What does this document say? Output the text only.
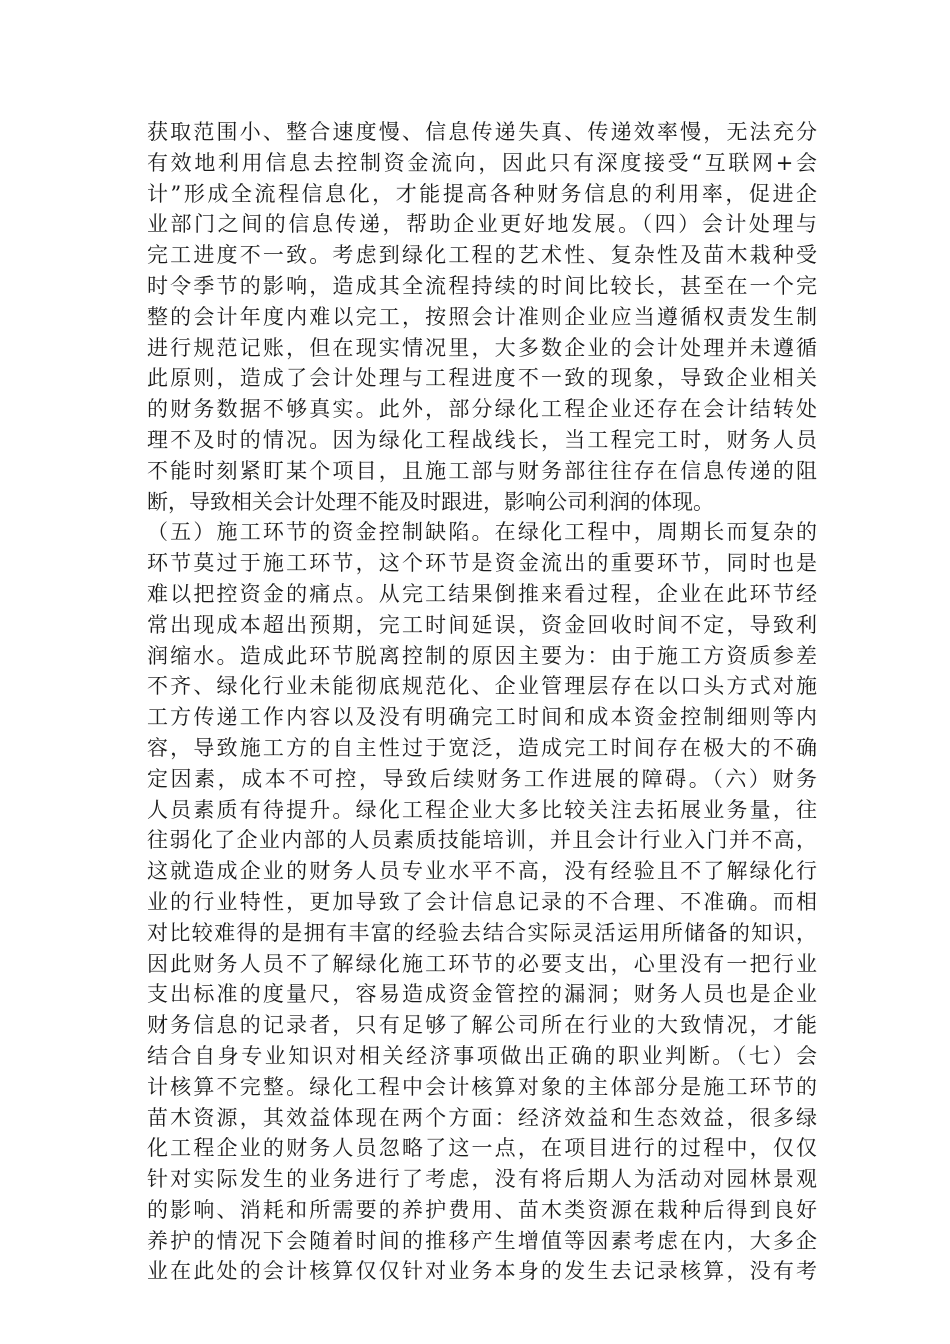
获取范围小、整合速度慢、信息传递失真、传递效率慢，无法充分
有效地利用信息去控制资金流向，因此只有深度接受“互联网+会
计”形成全流程信息化，才能提高各种财务信息的利用率，促进企
业部门之间的信息传递，帮助企业更好地发展。（四）会计处理与
完工进度不一致。考虑到绿化工程的艺术性、复杂性及苗木栽种受
时令季节的影响，造成其全流程持续的时间比较长，甚至在一个完
整的会计年度内难以完工，按照会计准则企业应当遵循权责发生制
进行规范记账，但在现实情况里，大多数企业的会计处理并未遵循
此原则，造成了会计处理与工程进度不一致的现象，导致企业相关
的财务数据不够真实。此外，部分绿化工程企业还存在会计结转处
理不及时的情况。因为绿化工程战线长，当工程完工时，财务人员
不能时刻紧盯某个项目，且施工部与财务部往往存在信息传递的阻
断，导致相关会计处理不能及时跟进，影响公司利润的体现。
（五）施工环节的资金控制缺陷。在绿化工程中，周期长而复杂的
环节莫过于施工环节，这个环节是资金流出的重要环节，同时也是
难以把控资金的痛点。从完工结果倒推来看过程，企业在此环节经
常出现成本超出预期，完工时间延误，资金回收时间不定，导致利
润缩水。造成此环节脱离控制的原因主要为：由于施工方资质参差
不齐、绿化行业未能彻底规范化、企业管理层存在以口头方式对施
工方传递工作内容以及没有明确完工时间和成本资金控制细则等内
容，导致施工方的自主性过于宽泛，造成完工时间存在极大的不确
定因素，成本不可控，导致后续财务工作进展的障碍。（六）财务
人员素质有待提升。绿化工程企业大多比较关注去拓展业务量，往
往弱化了企业内部的人员素质技能培训，并且会计行业入门并不高，
这就造成企业的财务人员专业水平不高，没有经验且不了解绿化行
业的行业特性，更加导致了会计信息记录的不合理、不准确。而相
对比较难得的是拥有丰富的经验去结合实际灵活运用所储备的知识，
因此财务人员不了解绿化施工环节的必要支出，心里没有一把行业
支出标准的度量尺，容易造成资金管控的漏洞；财务人员也是企业
财务信息的记录者，只有足够了解公司所在行业的大致情况，才能
结合自身专业知识对相关经济事项做出正确的职业判断。（七）会
计核算不完整。绿化工程中会计核算对象的主体部分是施工环节的
苗木资源，其效益体现在两个方面：经济效益和生态效益，很多绿
化工程企业的财务人员忽略了这一点，在项目进行的过程中，仅仅
针对实际发生的业务进行了考虑，没有将后期人为活动对园林景观
的影响、消耗和所需要的养护费用、苗木类资源在栽种后得到良好
养护的情况下会随着时间的推移产生增值等因素考虑在内，大多企
业在此处的会计核算仅仅针对业务本身的发生去记录核算，没有考
